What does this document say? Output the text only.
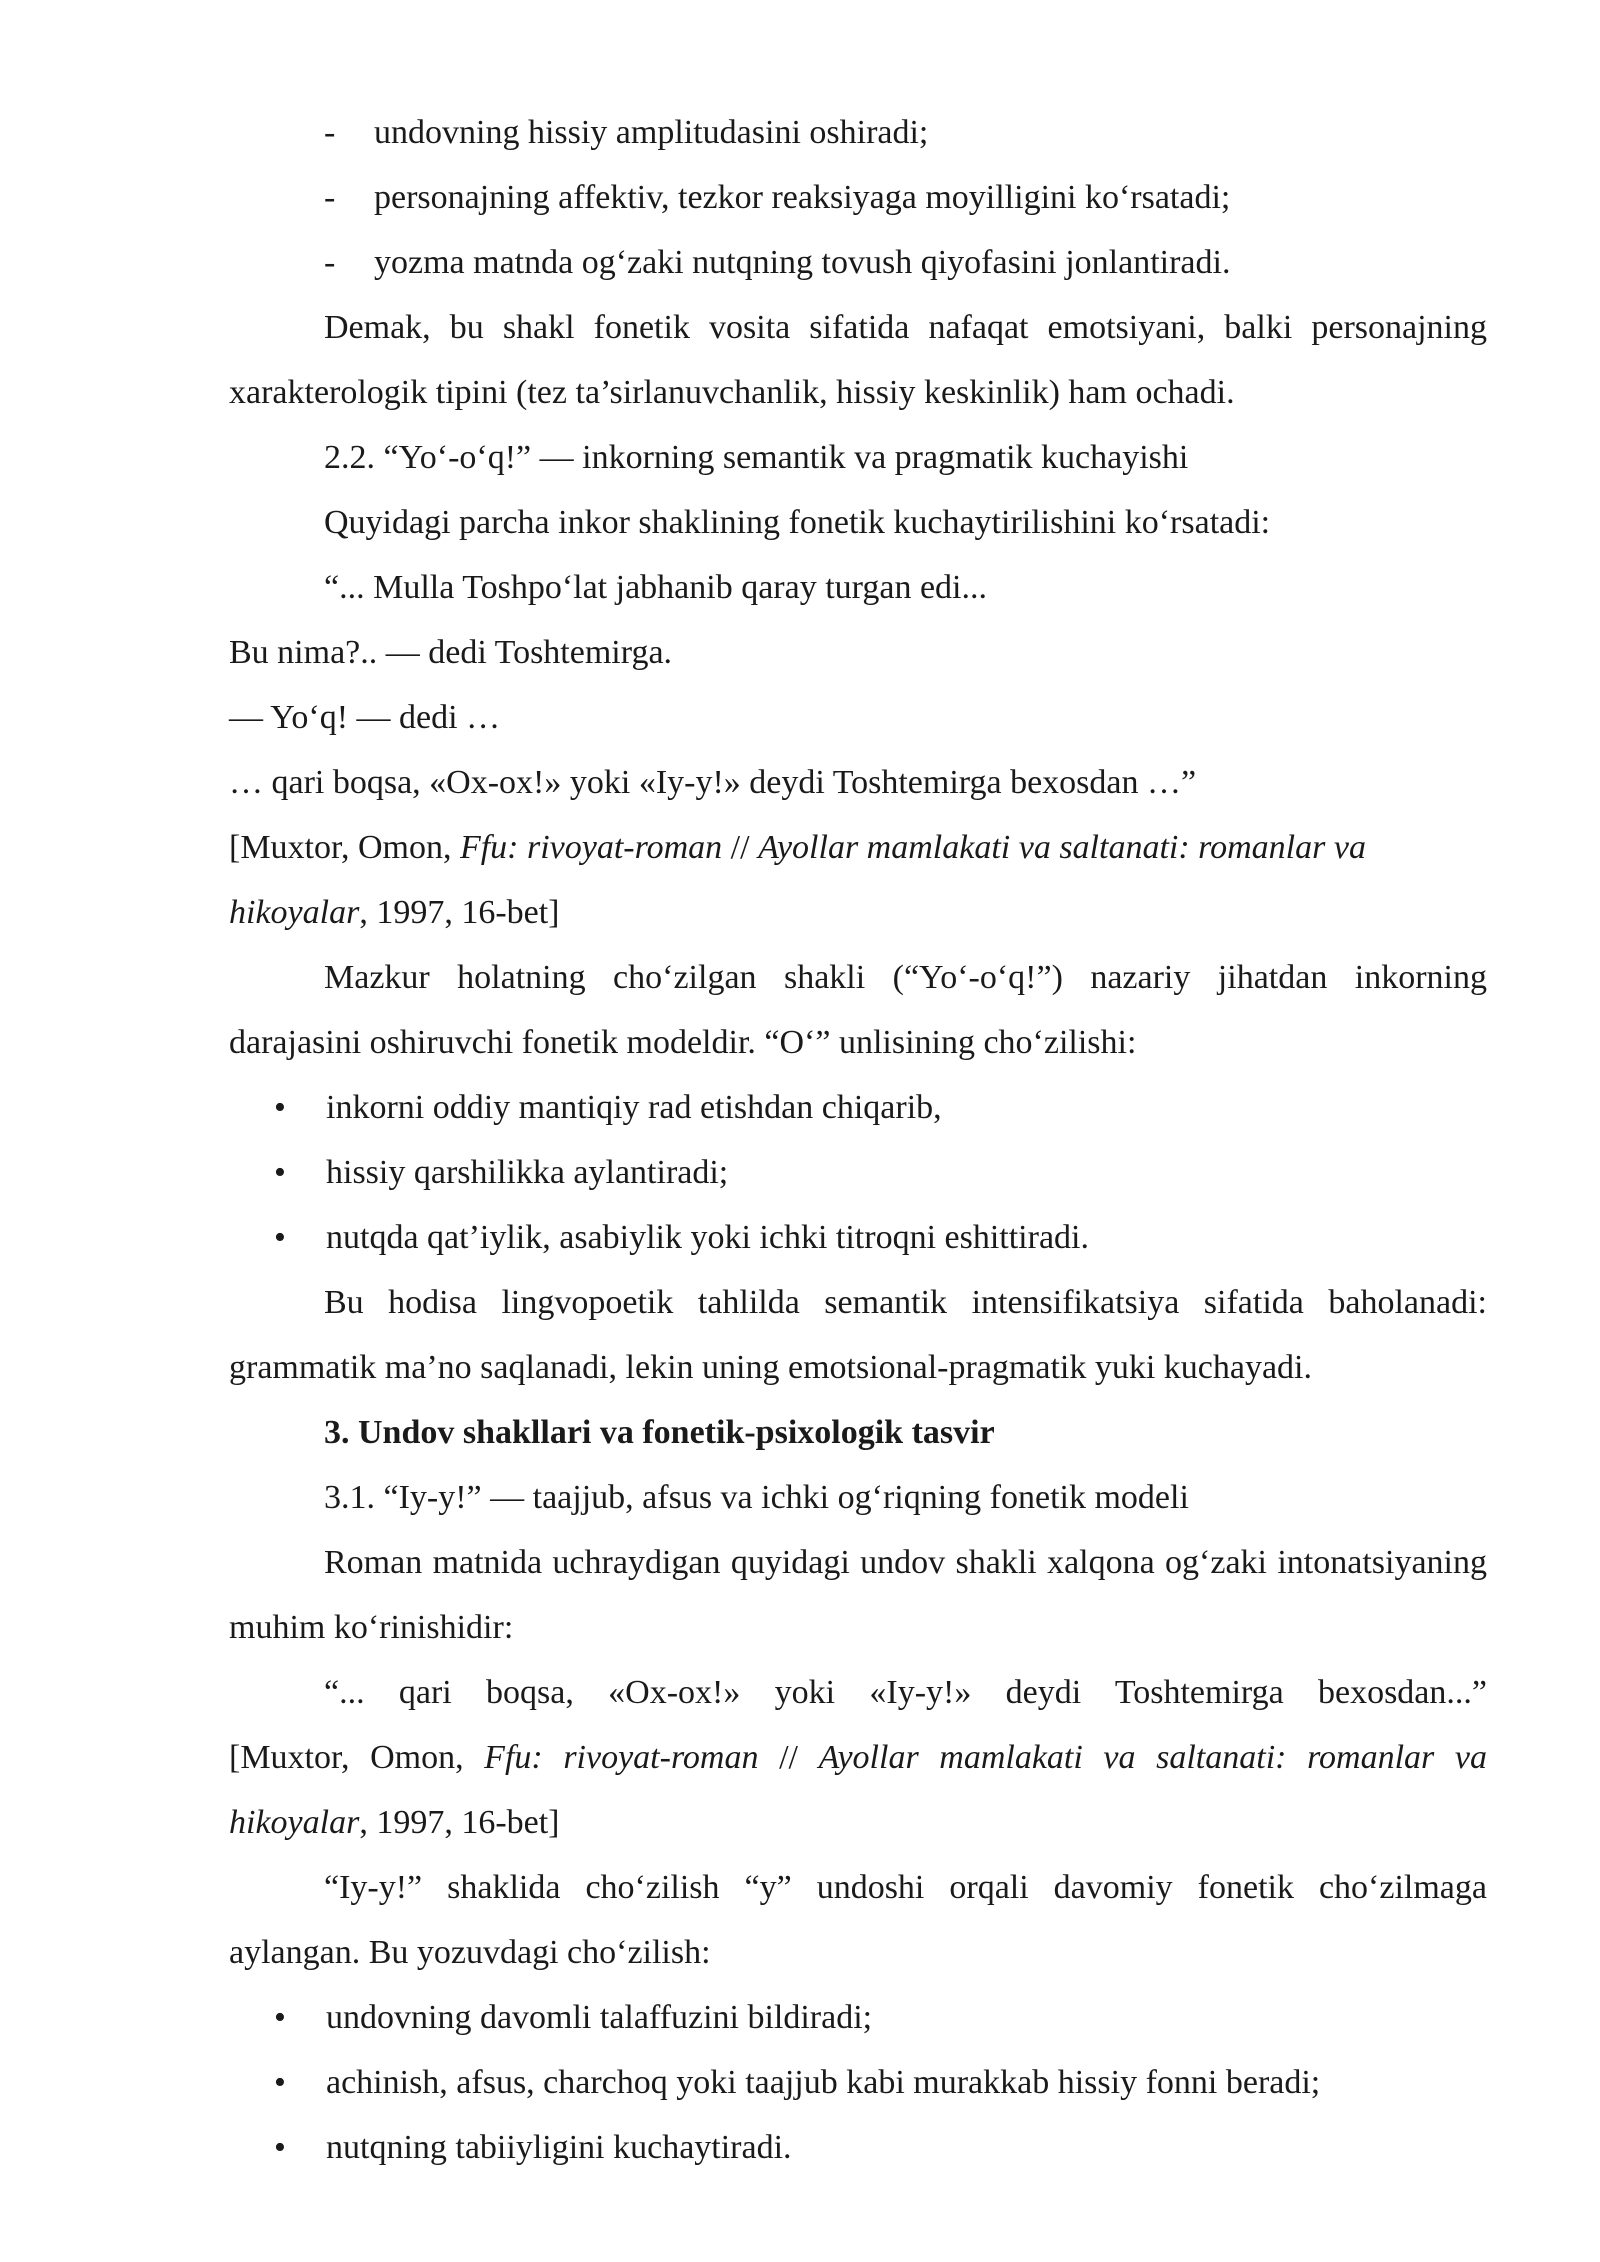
- undovning hissiy amplitudasini oshiradi;

- personajning affektiv, tezkor reaksiyaga moyilligini ko‘rsatadi;

- yozma matnda og‘zaki nutqning tovush qiyofasini jonlantiradi.

Demak, bu shakl fonetik vosita sifatida nafaqat emotsiyani, balki personajning xarakterologik tipini (tez ta’sirlanuvchanlik, hissiy keskinlik) ham ochadi.

2.2. “Yo‘-o‘q!” — inkorning semantik va pragmatik kuchayishi

Quyidagi parcha inkor shaklining fonetik kuchaytirilishini ko‘rsatadi:

“... Mulla Toshpo‘lat jabhanib qaray turgan edi...

Bu nima?.. — dedi Toshtemirga.

— Yo‘q! — dedi …

… qari boqsa, «Ox-ox!» yoki «Iy-y!» deydi Toshtemirga bexosdan …”

[Muxtor, Omon, Ffu: rivoyat-roman // Ayollar mamlakati va saltanati: romanlar va hikoyalar, 1997, 16-bet]

Mazkur holatning cho‘zilgan shakli (“Yo‘-o‘q!”) nazariy jihatdan inkorning darajasini oshiruvchi fonetik modeldir. “O‘” unlisining cho‘zilishi:

• inkorni oddiy mantiqiy rad etishdan chiqarib,

• hissiy qarshilikka aylantiradi;

• nutqda qat’iylik, asabiylik yoki ichki titroqni eshittiradi.

Bu hodisa lingvopoetik tahlilda semantik intensifikatsiya sifatida baholanadi: grammatik ma’no saqlanadi, lekin uning emotsional-pragmatik yuki kuchayadi.

3. Undov shakllari va fonetik-psixologik tasvir

3.1. “Iy-y!” — taajjub, afsus va ichki og‘riqning fonetik modeli

Roman matnida uchraydigan quyidagi undov shakli xalqona og‘zaki intonatsiyaning muhim ko‘rinishidir:

“... qari boqsa, «Ox-ox!» yoki «Iy-y!» deydi Toshtemirga bexosdan...”

[Muxtor, Omon, Ffu: rivoyat-roman // Ayollar mamlakati va saltanati: romanlar va hikoyalar, 1997, 16-bet]

“Iy-y!” shaklida cho‘zilish “y” undoshi orqali davomiy fonetik cho‘zilmaga aylangan. Bu yozuvdagi cho‘zilish:

• undovning davomli talaffuzini bildiradi;

• achinish, afsus, charchoq yoki taajjub kabi murakkab hissiy fonni beradi;

• nutqning tabiiyligini kuchaytiradi.
